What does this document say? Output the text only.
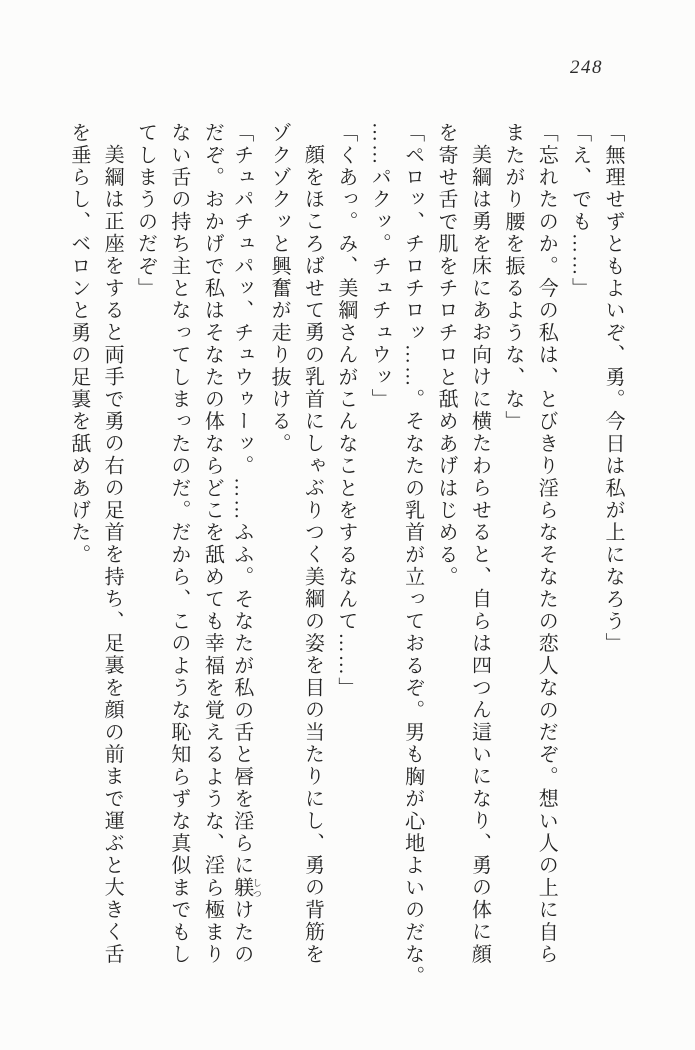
248
「無理せずともよいぞ、勇。今日は私が上になろう」
「え、でも……」
「忘れたのか。今の私は、とびきり淫らなそなたの恋人なのだぞ。想い人の上に自ら
またがり腰を振るような、な」
美綱は勇を床にあお向けに横たわらせると、自らは四つん這いになり、勇の体に顔
を寄せ舌で肌をチロチロと舐めあげはじめる。
「ペロッ、チロチロッ……。そなたの乳首が立っておるぞ。男も胸が心地よいのだな。
……パクッ。チュチュウッ」
「くあっ。み、美綱さんがこんなことをするなんて……」
顔をほころばせて勇の乳首にしゃぶりつく美綱の姿を目の当たりにし、勇の背筋を
ゾクゾクッと興奮が走り抜ける。
「チュパチュパッ、チュウゥーッ。……ふふ。そなたが私の舌と唇を淫らに躾 しつけたの
だぞ。おかげで私はそなたの体ならどこを舐めても幸福を覚えるような、淫ら極まり
ない舌の持ち主となってしまったのだ。だから、このような恥知らずな真似までもし
てしまうのだぞ」
美綱は正座をすると両手で勇の右の足首を持ち、足裏を顔の前まで運ぶと大きく舌
を垂らし、ベロンと勇の足裏を舐めあげた。
